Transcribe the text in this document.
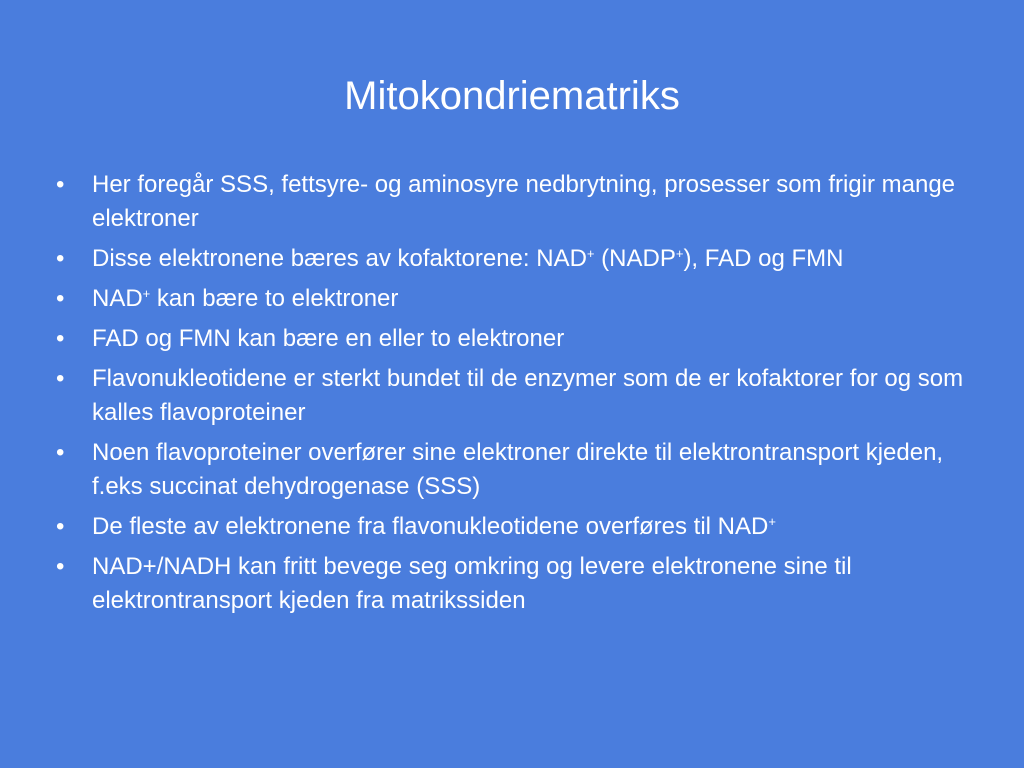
Mitokondriematriks
•	Her foregår SSS, fettsyre- og aminosyre nedbrytning, prosesser som frigir mange elektroner
•	Disse elektronene bæres av kofaktorene: NAD+ (NADP+), FAD og FMN
•	NAD+ kan bære to elektroner
•	FAD og FMN kan bære en eller to elektroner
•	Flavonukleotidene er sterkt bundet til de enzymer som de er kofaktorer for og som kalles flavoproteiner
•	Noen flavoproteiner overfører sine elektroner direkte til elektrontransport kjeden, f.eks succinat dehydrogenase (SSS)
•	De fleste av elektronene fra flavonukleotidene overføres til NAD+
•	NAD+/NADH kan fritt bevege seg omkring og levere elektronene sine til elektrontransport kjeden fra matrikssiden
